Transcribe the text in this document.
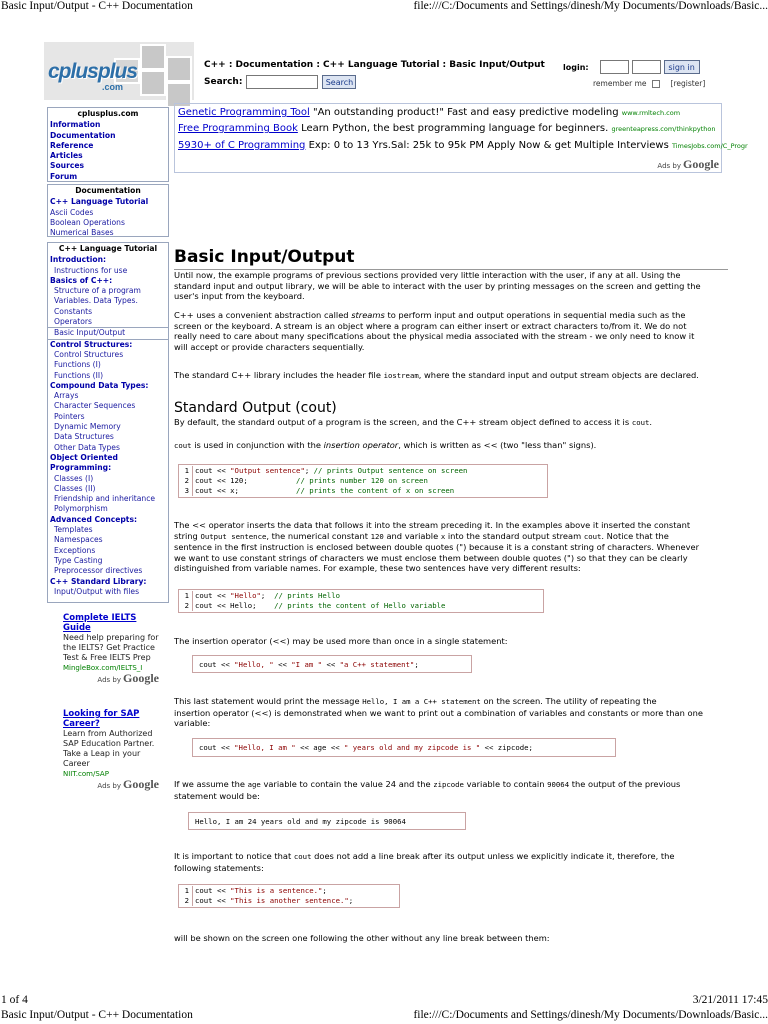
Basic Input/Output - C++ Documentation	file:///C:/Documents and Settings/dinesh/My Documents/Downloads/Basic...
cplusplus
.com
C++ : Documentation : C++ Language Tutorial : Basic Input/Output
Search:	Search
login:	sign in
remember me	[register]
cplusplus.com
Information
Documentation
Reference
Articles
Sources
Forum
Documentation
C++ Language Tutorial
Ascii Codes
Boolean Operations
Numerical Bases
C++ Language Tutorial
Introduction:
Instructions for use
Basics of C++:
Structure of a program
Variables. Data Types.
Constants
Operators
Basic Input/Output
Control Structures:
Control Structures
Functions (I)
Functions (II)
Compound Data Types:
Arrays
Character Sequences
Pointers
Dynamic Memory
Data Structures
Other Data Types
Object Oriented
Programming:
Classes (I)
Classes (II)
Friendship and inheritance
Polymorphism
Advanced Concepts:
Templates
Namespaces
Exceptions
Type Casting
Preprocessor directives
C++ Standard Library:
Input/Output with files
Complete IELTS Guide
Need help preparing for the IELTS? Get Practice Test & Free IELTS Prep
MingleBox.com/IELTS_I
Ads by Google
Looking for SAP Career?
Learn from Authorized SAP Education Partner. Take a Leap in your Career
NIIT.com/SAP
Ads by Google
Genetic Programming Tool "An outstanding product!" Fast and easy predictive modeling www.rmltech.com
Free Programming Book Learn Python, the best programming language for beginners. greenteapress.com/thinkpython
5930+ of C Programming Exp: 0 to 13 Yrs.Sal: 25k to 95k PM Apply Now & get Multiple Interviews TimesJobs.com/C_Progr
Ads by Google
Basic Input/Output
Until now, the example programs of previous sections provided very little interaction with the user, if any at all. Using the
standard input and output library, we will be able to interact with the user by printing messages on the screen and getting the
user's input from the keyboard.
C++ uses a convenient abstraction called streams to perform input and output operations in sequential media such as the
screen or the keyboard. A stream is an object where a program can either insert or extract characters to/from it. We do not
really need to care about many specifications about the physical media associated with the stream - we only need to know it
will accept or provide characters sequentially.
The standard C++ library includes the header file iostream, where the standard input and output stream objects are declared.
Standard Output (cout)
By default, the standard output of a program is the screen, and the C++ stream object defined to access it is cout.
cout is used in conjunction with the insertion operator, which is written as << (two "less than" signs).
1 cout << "Output sentence"; // prints Output sentence on screen
2 cout << 120;           // prints number 120 on screen
3 cout << x;             // prints the content of x on screen
The << operator inserts the data that follows it into the stream preceding it. In the examples above it inserted the constant
string Output sentence, the numerical constant 120 and variable x into the standard output stream cout. Notice that the
sentence in the first instruction is enclosed between double quotes (") because it is a constant string of characters. Whenever
we want to use constant strings of characters we must enclose them between double quotes (") so that they can be clearly
distinguished from variable names. For example, these two sentences have very different results:
1 cout << "Hello";  // prints Hello
2 cout << Hello;    // prints the content of Hello variable
The insertion operator (<<) may be used more than once in a single statement:
cout << "Hello, " << "I am " << "a C++ statement";
This last statement would print the message Hello, I am a C++ statement on the screen. The utility of repeating the
insertion operator (<<) is demonstrated when we want to print out a combination of variables and constants or more than one
variable:
cout << "Hello, I am " << age << " years old and my zipcode is " << zipcode;
If we assume the age variable to contain the value 24 and the zipcode variable to contain 90064 the output of the previous
statement would be:
Hello, I am 24 years old and my zipcode is 90064
It is important to notice that cout does not add a line break after its output unless we explicitly indicate it, therefore, the
following statements:
1 cout << "This is a sentence.";
2 cout << "This is another sentence.";
will be shown on the screen one following the other without any line break between them:
1 of 4	3/21/2011 17:45
Basic Input/Output - C++ Documentation	file:///C:/Documents and Settings/dinesh/My Documents/Downloads/Basic...
